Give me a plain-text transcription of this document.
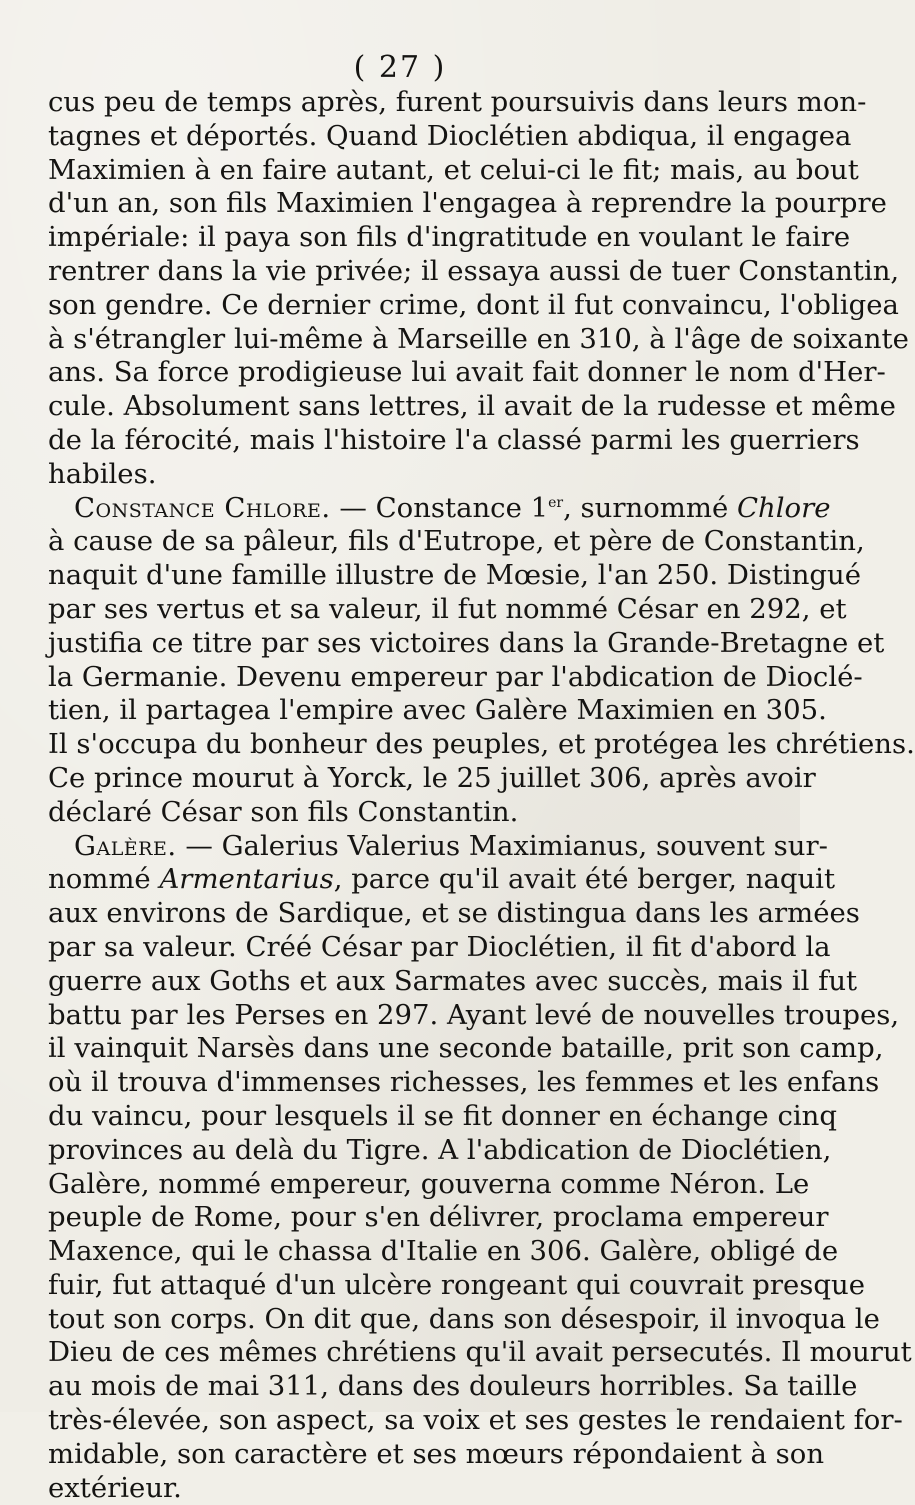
( 27 )
cus peu de temps après, furent poursuivis dans leurs mon-
tagnes et déportés. Quand Dioclétien abdiqua, il engagea
Maximien à en faire autant, et celui-ci le fit; mais, au bout
d'un an, son fils Maximien l'engagea à reprendre la pourpre
impériale: il paya son fils d'ingratitude en voulant le faire
rentrer dans la vie privée; il essaya aussi de tuer Constantin,
son gendre. Ce dernier crime, dont il fut convaincu, l'obligea
à s'étrangler lui-même à Marseille en 310, à l'âge de soixante
ans. Sa force prodigieuse lui avait fait donner le nom d'Her-
cule. Absolument sans lettres, il avait de la rudesse et même
de la férocité, mais l'histoire l'a classé parmi les guerriers
habiles.
Constance Chlore. — Constance 1er, surnommé Chlore
à cause de sa pâleur, fils d'Eutrope, et père de Constantin,
naquit d'une famille illustre de Mœsie, l'an 250. Distingué
par ses vertus et sa valeur, il fut nommé César en 292, et
justifia ce titre par ses victoires dans la Grande-Bretagne et
la Germanie. Devenu empereur par l'abdication de Dioclé-
tien, il partagea l'empire avec Galère Maximien en 305.
Il s'occupa du bonheur des peuples, et protégea les chrétiens.
Ce prince mourut à Yorck, le 25 juillet 306, après avoir
déclaré César son fils Constantin.
Galère. — Galerius Valerius Maximianus, souvent sur-
nommé Armentarius, parce qu'il avait été berger, naquit
aux environs de Sardique, et se distingua dans les armées
par sa valeur. Créé César par Dioclétien, il fit d'abord la
guerre aux Goths et aux Sarmates avec succès, mais il fut
battu par les Perses en 297. Ayant levé de nouvelles troupes,
il vainquit Narsès dans une seconde bataille, prit son camp,
où il trouva d'immenses richesses, les femmes et les enfans
du vaincu, pour lesquels il se fit donner en échange cinq
provinces au delà du Tigre. A l'abdication de Dioclétien,
Galère, nommé empereur, gouverna comme Néron. Le
peuple de Rome, pour s'en délivrer, proclama empereur
Maxence, qui le chassa d'Italie en 306. Galère, obligé de
fuir, fut attaqué d'un ulcère rongeant qui couvrait presque
tout son corps. On dit que, dans son désespoir, il invoqua le
Dieu de ces mêmes chrétiens qu'il avait persecutés. Il mourut
au mois de mai 311, dans des douleurs horribles. Sa taille
très-élevée, son aspect, sa voix et ses gestes le rendaient for-
midable, son caractère et ses mœurs répondaient à son
extérieur.
